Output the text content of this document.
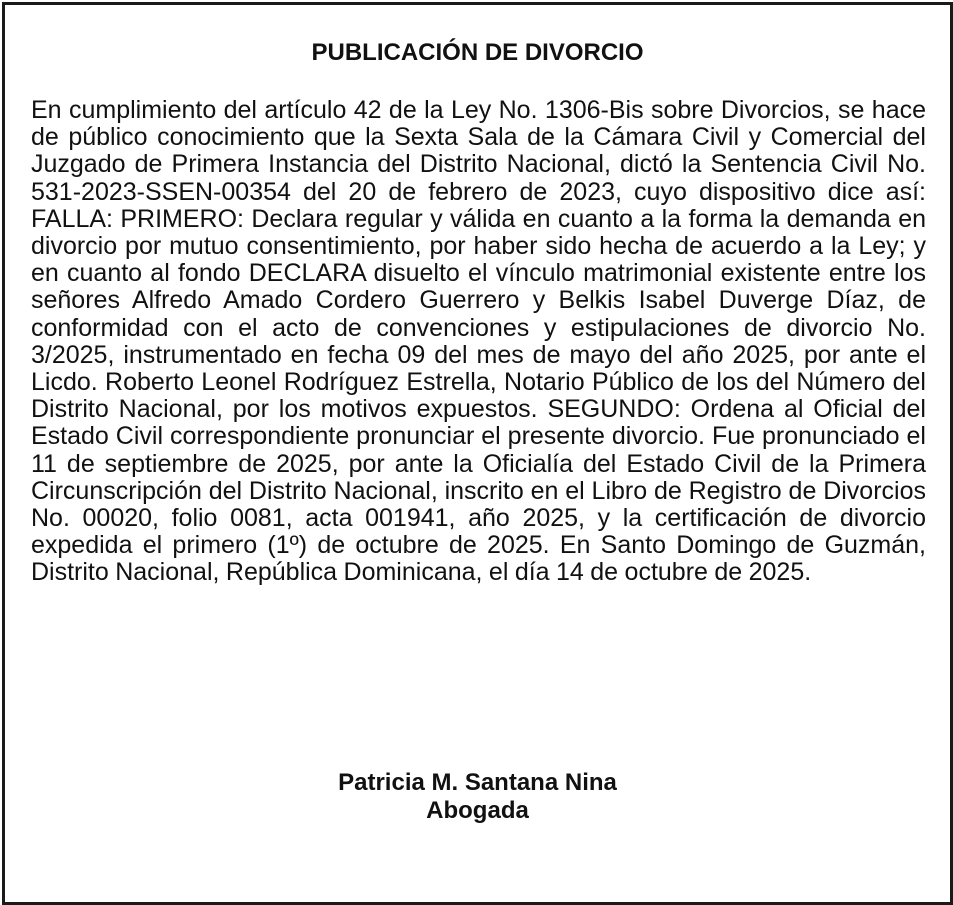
PUBLICACIÓN DE DIVORCIO

En cumplimiento del artículo 42 de la Ley No. 1306-Bis sobre Divorcios, se hace de público conocimiento que la Sexta Sala de la Cámara Civil y Comercial del Juzgado de Primera Instancia del Distrito Nacional, dictó la Sentencia Civil No. 531-2023-SSEN-00354 del 20 de febrero de 2023, cuyo dispositivo dice así: FALLA: PRIMERO: Declara regular y válida en cuanto a la forma la demanda en divorcio por mutuo consentimiento, por haber sido hecha de acuerdo a la Ley; y en cuanto al fondo DECLARA disuelto el vínculo matrimonial existente entre los señores Alfredo Amado Cordero Guerrero y Belkis Isabel Duverge Díaz, de conformidad con el acto de convenciones y estipulaciones de divorcio No. 3/2025, instrumentado en fecha 09 del mes de mayo del año 2025, por ante el Licdo. Roberto Leonel Rodríguez Estrella, Notario Público de los del Número del Distrito Nacional, por los motivos expuestos. SEGUNDO: Ordena al Oficial del Estado Civil correspondiente pronunciar el presente divorcio. Fue pronunciado el 11 de septiembre de 2025, por ante la Oficialía del Estado Civil de la Primera Circunscripción del Distrito Nacional, inscrito en el Libro de Registro de Divorcios No. 00020, folio 0081, acta 001941, año 2025, y la certificación de divorcio expedida el primero (1º) de octubre de 2025. En Santo Domingo de Guzmán, Distrito Nacional, República Dominicana, el día 14 de octubre de 2025.

Patricia M. Santana Nina
Abogada
